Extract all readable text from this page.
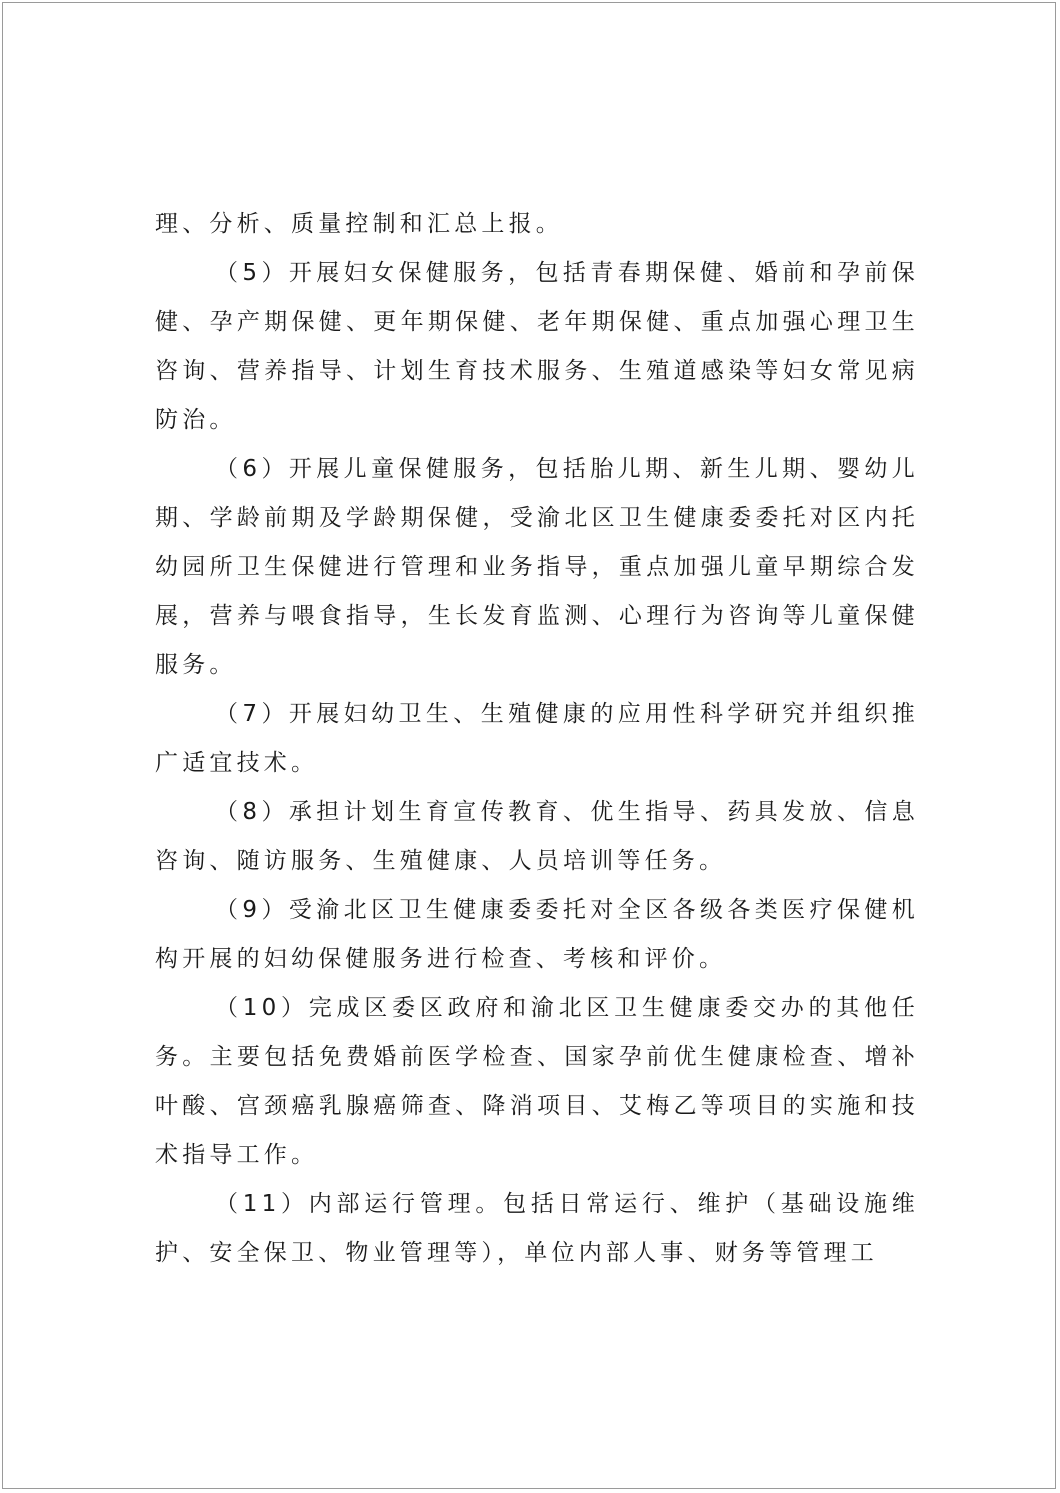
理、分析、质量控制和汇总上报。

（5）开展妇女保健服务，包括青春期保健、婚前和孕前保健、孕产期保健、更年期保健、老年期保健、重点加强心理卫生咨询、营养指导、计划生育技术服务、生殖道感染等妇女常见病防治。

（6）开展儿童保健服务，包括胎儿期、新生儿期、婴幼儿期、学龄前期及学龄期保健，受渝北区卫生健康委委托对区内托幼园所卫生保健进行管理和业务指导，重点加强儿童早期综合发展，营养与喂食指导，生长发育监测、心理行为咨询等儿童保健服务。

（7）开展妇幼卫生、生殖健康的应用性科学研究并组织推广适宜技术。

（8）承担计划生育宣传教育、优生指导、药具发放、信息咨询、随访服务、生殖健康、人员培训等任务。

（9）受渝北区卫生健康委委托对全区各级各类医疗保健机构开展的妇幼保健服务进行检查、考核和评价。

（10）完成区委区政府和渝北区卫生健康委交办的其他任务。主要包括免费婚前医学检查、国家孕前优生健康检查、增补叶酸、宫颈癌乳腺癌筛查、降消项目、艾梅乙等项目的实施和技术指导工作。

（11）内部运行管理。包括日常运行、维护（基础设施维护、安全保卫、物业管理等），单位内部人事、财务等管理工
